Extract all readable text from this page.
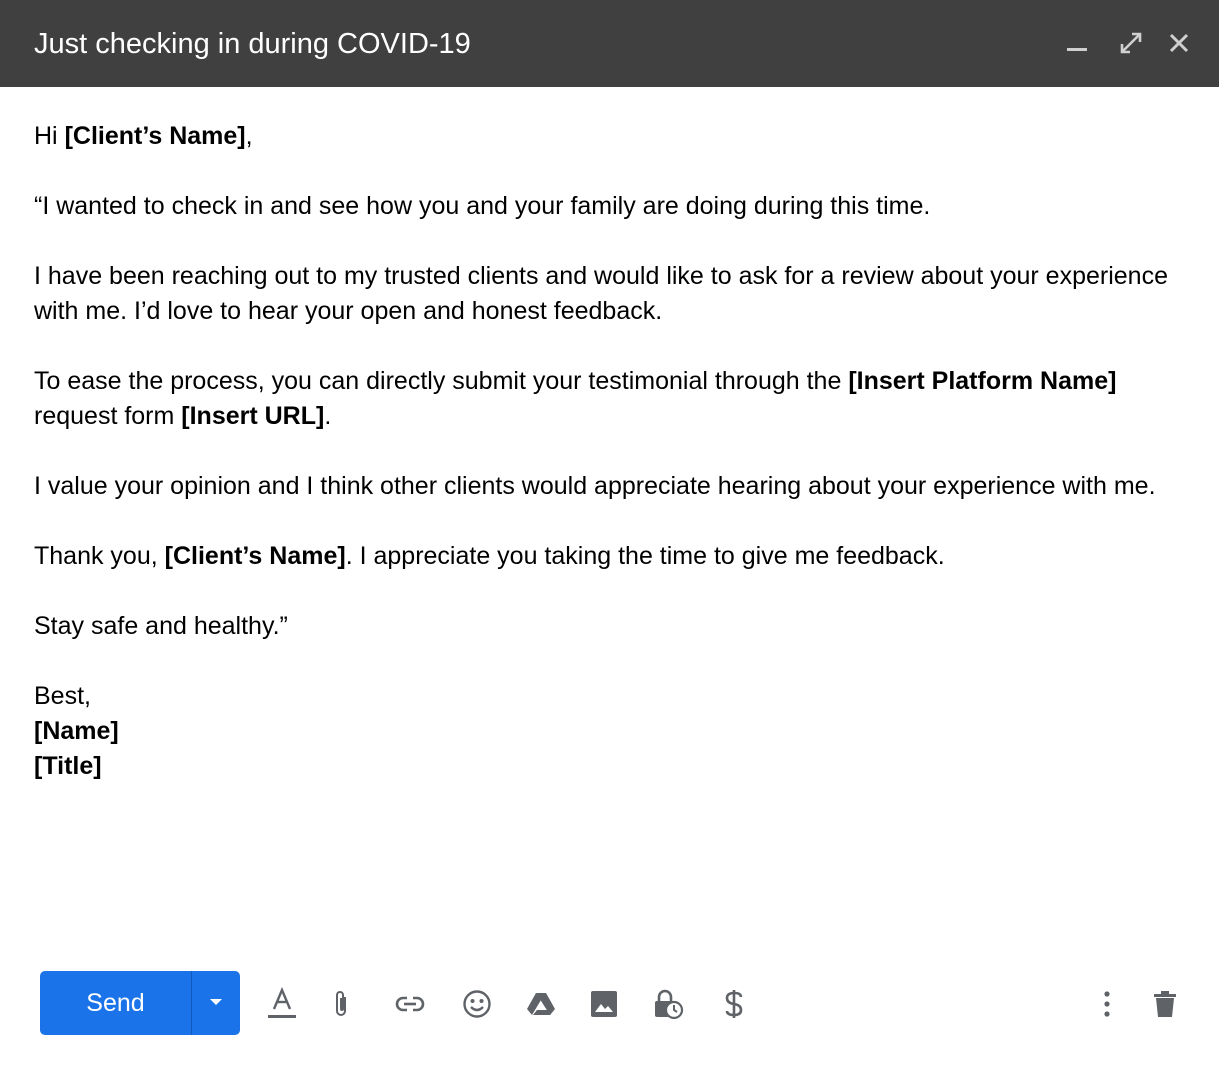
Just checking in during COVID-19

Hi [Client’s Name],

“I wanted to check in and see how you and your family are doing during this time.

I have been reaching out to my trusted clients and would like to ask for a review about your experience with me. I’d love to hear your open and honest feedback.

To ease the process, you can directly submit your testimonial through the [Insert Platform Name] request form [Insert URL].

I value your opinion and I think other clients would appreciate hearing about your experience with me.

Thank you, [Client’s Name]. I appreciate you taking the time to give me feedback.

Stay safe and healthy.”

Best,
[Name]
[Title]

Send
